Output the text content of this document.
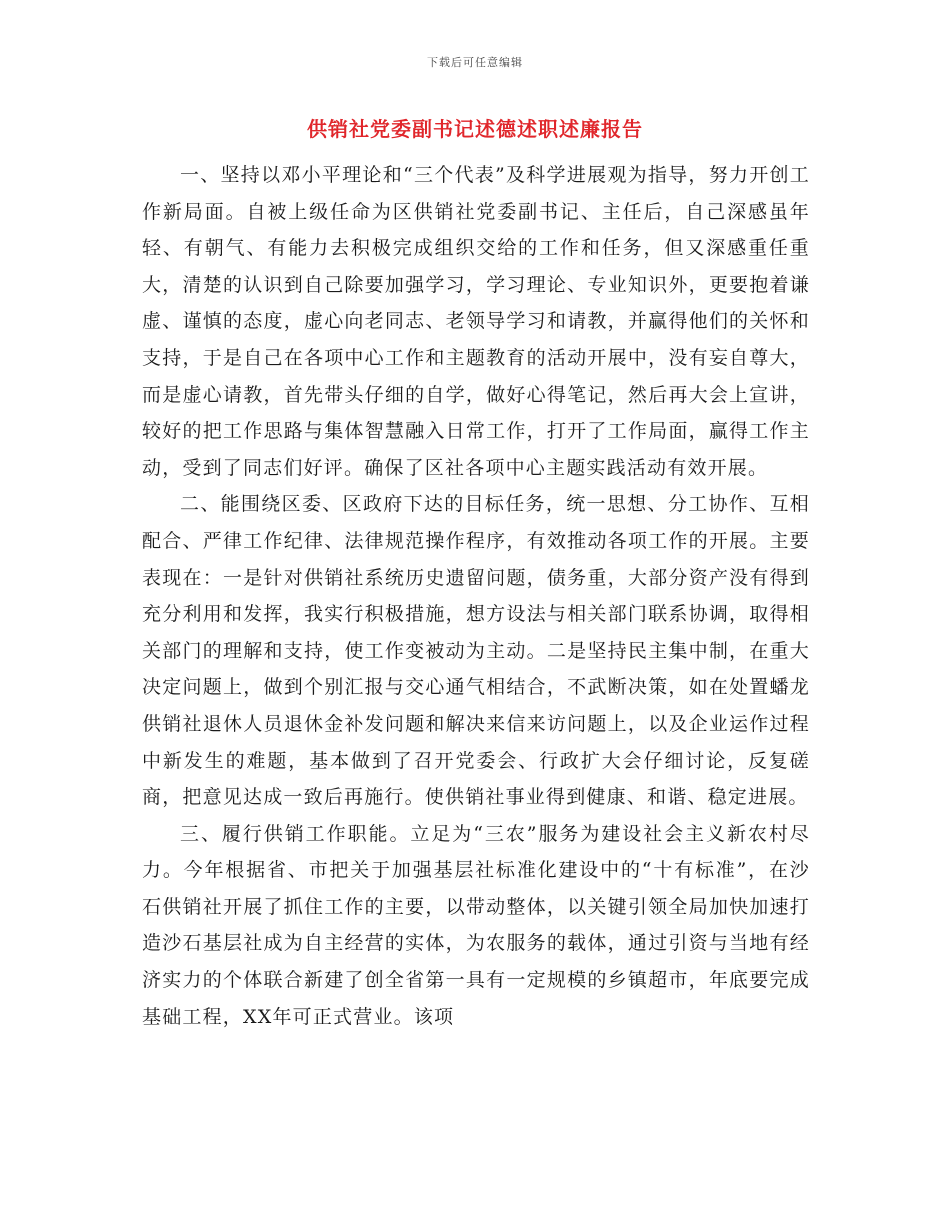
下载后可任意编辑
供销社党委副书记述德述职述廉报告

一、坚持以邓小平理论和“三个代表”及科学进展观为指导，努力开创工作新局面。自被上级任命为区供销社党委副书记、主任后，自己深感虽年轻、有朝气、有能力去积极完成组织交给的工作和任务，但又深感重任重大，清楚的认识到自己除要加强学习，学习理论、专业知识外，更要抱着谦虚、谨慎的态度，虚心向老同志、老领导学习和请教，并赢得他们的关怀和支持，于是自己在各项中心工作和主题教育的活动开展中，没有妄自尊大，而是虚心请教，首先带头仔细的自学，做好心得笔记，然后再大会上宣讲，较好的把工作思路与集体智慧融入日常工作，打开了工作局面，赢得工作主动，受到了同志们好评。确保了区社各项中心主题实践活动有效开展。

二、能围绕区委、区政府下达的目标任务，统一思想、分工协作、互相配合、严律工作纪律、法律规范操作程序，有效推动各项工作的开展。主要表现在：一是针对供销社系统历史遗留问题，债务重，大部分资产没有得到充分利用和发挥，我实行积极措施，想方设法与相关部门联系协调，取得相关部门的理解和支持，使工作变被动为主动。二是坚持民主集中制，在重大决定问题上，做到个别汇报与交心通气相结合，不武断决策，如在处置蟠龙供销社退休人员退休金补发问题和解决来信来访问题上，以及企业运作过程中新发生的难题，基本做到了召开党委会、行政扩大会仔细讨论，反复磋商，把意见达成一致后再施行。使供销社事业得到健康、和谐、稳定进展。

三、履行供销工作职能。立足为“三农”服务为建设社会主义新农村尽力。今年根据省、市把关于加强基层社标准化建设中的“十有标准”，在沙石供销社开展了抓住工作的主要，以带动整体，以关键引领全局加快加速打造沙石基层社成为自主经营的实体，为农服务的载体，通过引资与当地有经济实力的个体联合新建了创全省第一具有一定规模的乡镇超市，年底要完成基础工程，XX年可正式营业。该项
